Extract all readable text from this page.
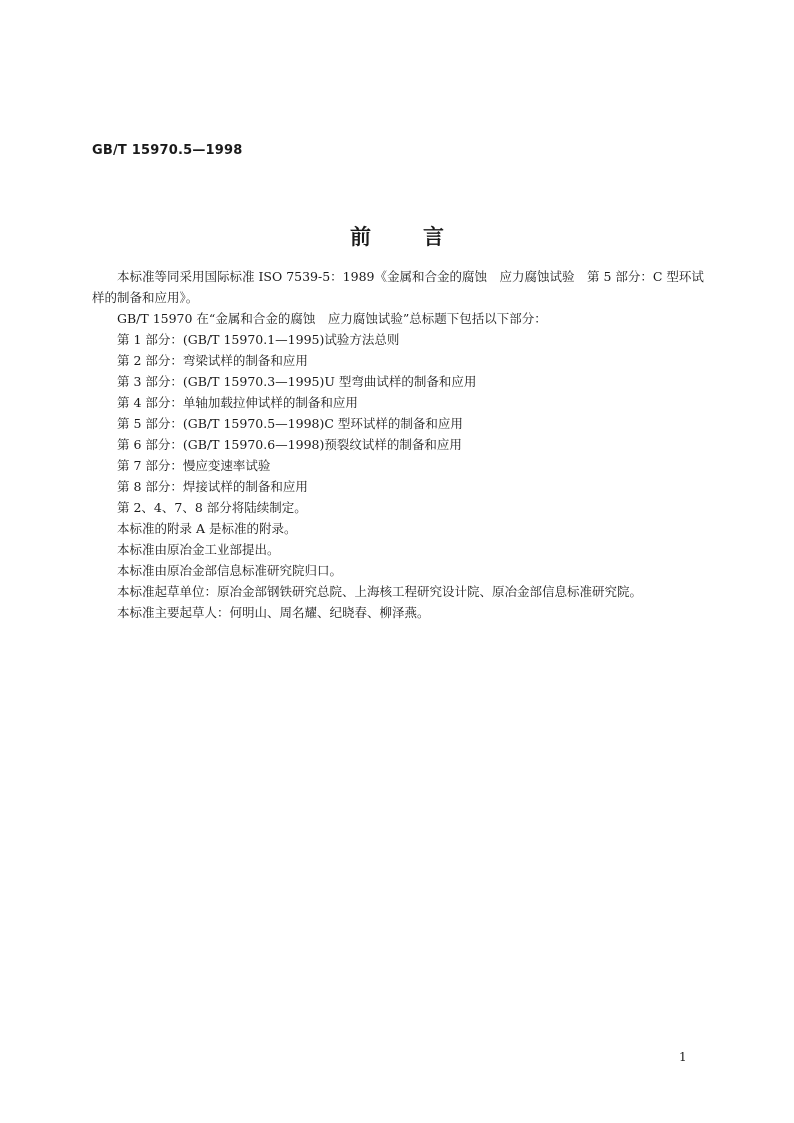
GB/T 15970.5—1998
前 言

本标准等同采用国际标准 ISO 7539-5：1989《金属和合金的腐蚀　应力腐蚀试验　第 5 部分：C 型环试样的制备和应用》。

GB/T 15970 在“金属和合金的腐蚀　应力腐蚀试验”总标题下包括以下部分：

第 1 部分：(GB/T 15970.1—1995)试验方法总则

第 2 部分：弯梁试样的制备和应用

第 3 部分：(GB/T 15970.3—1995)U 型弯曲试样的制备和应用

第 4 部分：单轴加载拉伸试样的制备和应用

第 5 部分：(GB/T 15970.5—1998)C 型环试样的制备和应用

第 6 部分：(GB/T 15970.6—1998)预裂纹试样的制备和应用

第 7 部分：慢应变速率试验

第 8 部分：焊接试样的制备和应用

第 2、4、7、8 部分将陆续制定。

本标准的附录 A 是标准的附录。

本标准由原冶金工业部提出。

本标准由原冶金部信息标准研究院归口。

本标准起草单位：原冶金部钢铁研究总院、上海核工程研究设计院、原冶金部信息标准研究院。

本标准主要起草人：何明山、周名耀、纪晓春、柳泽燕。

1
